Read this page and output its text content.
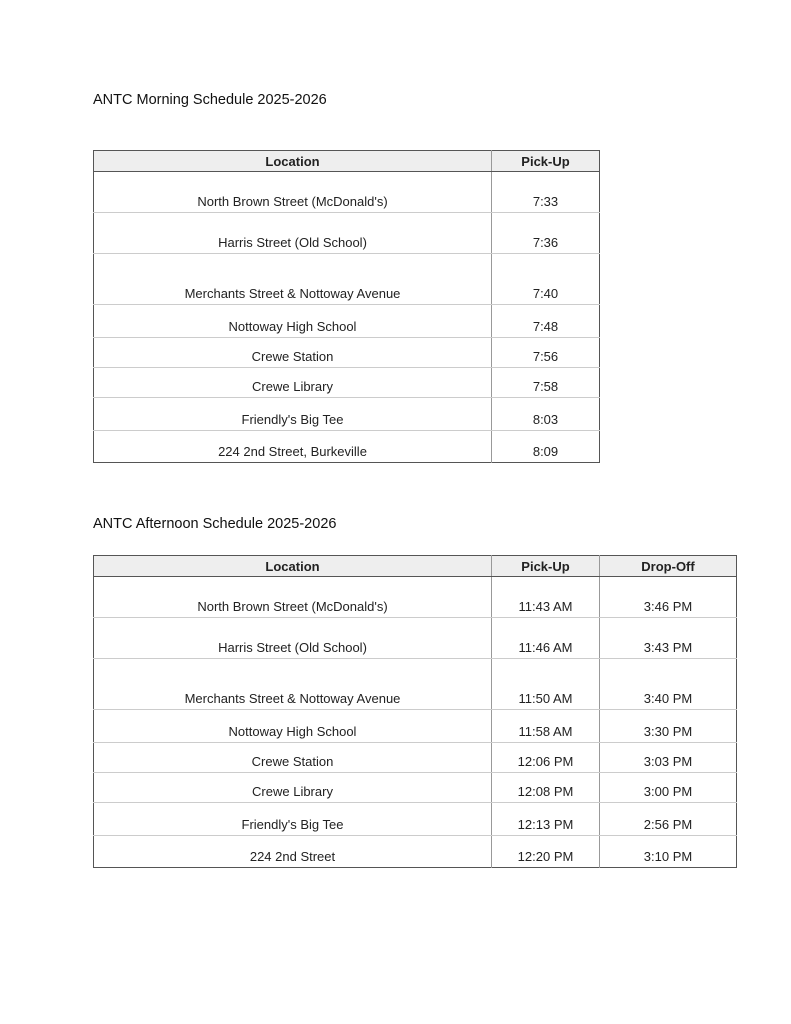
ANTC Morning Schedule 2025-2026
Location	Pick-Up
North Brown Street (McDonald's)	7:33
Harris Street (Old School)	7:36
Merchants Street & Nottoway Avenue	7:40
Nottoway High School	7:48
Crewe Station	7:56
Crewe Library	7:58
Friendly's Big Tee	8:03
224 2nd Street, Burkeville	8:09
ANTC Afternoon Schedule 2025-2026
Location	Pick-Up	Drop-Off
North Brown Street (McDonald's)	11:43 AM	3:46 PM
Harris Street (Old School)	11:46 AM	3:43 PM
Merchants Street & Nottoway Avenue	11:50 AM	3:40 PM
Nottoway High School	11:58 AM	3:30 PM
Crewe Station	12:06 PM	3:03 PM
Crewe Library	12:08 PM	3:00 PM
Friendly's Big Tee	12:13 PM	2:56 PM
224 2nd Street	12:20 PM	3:10 PM
